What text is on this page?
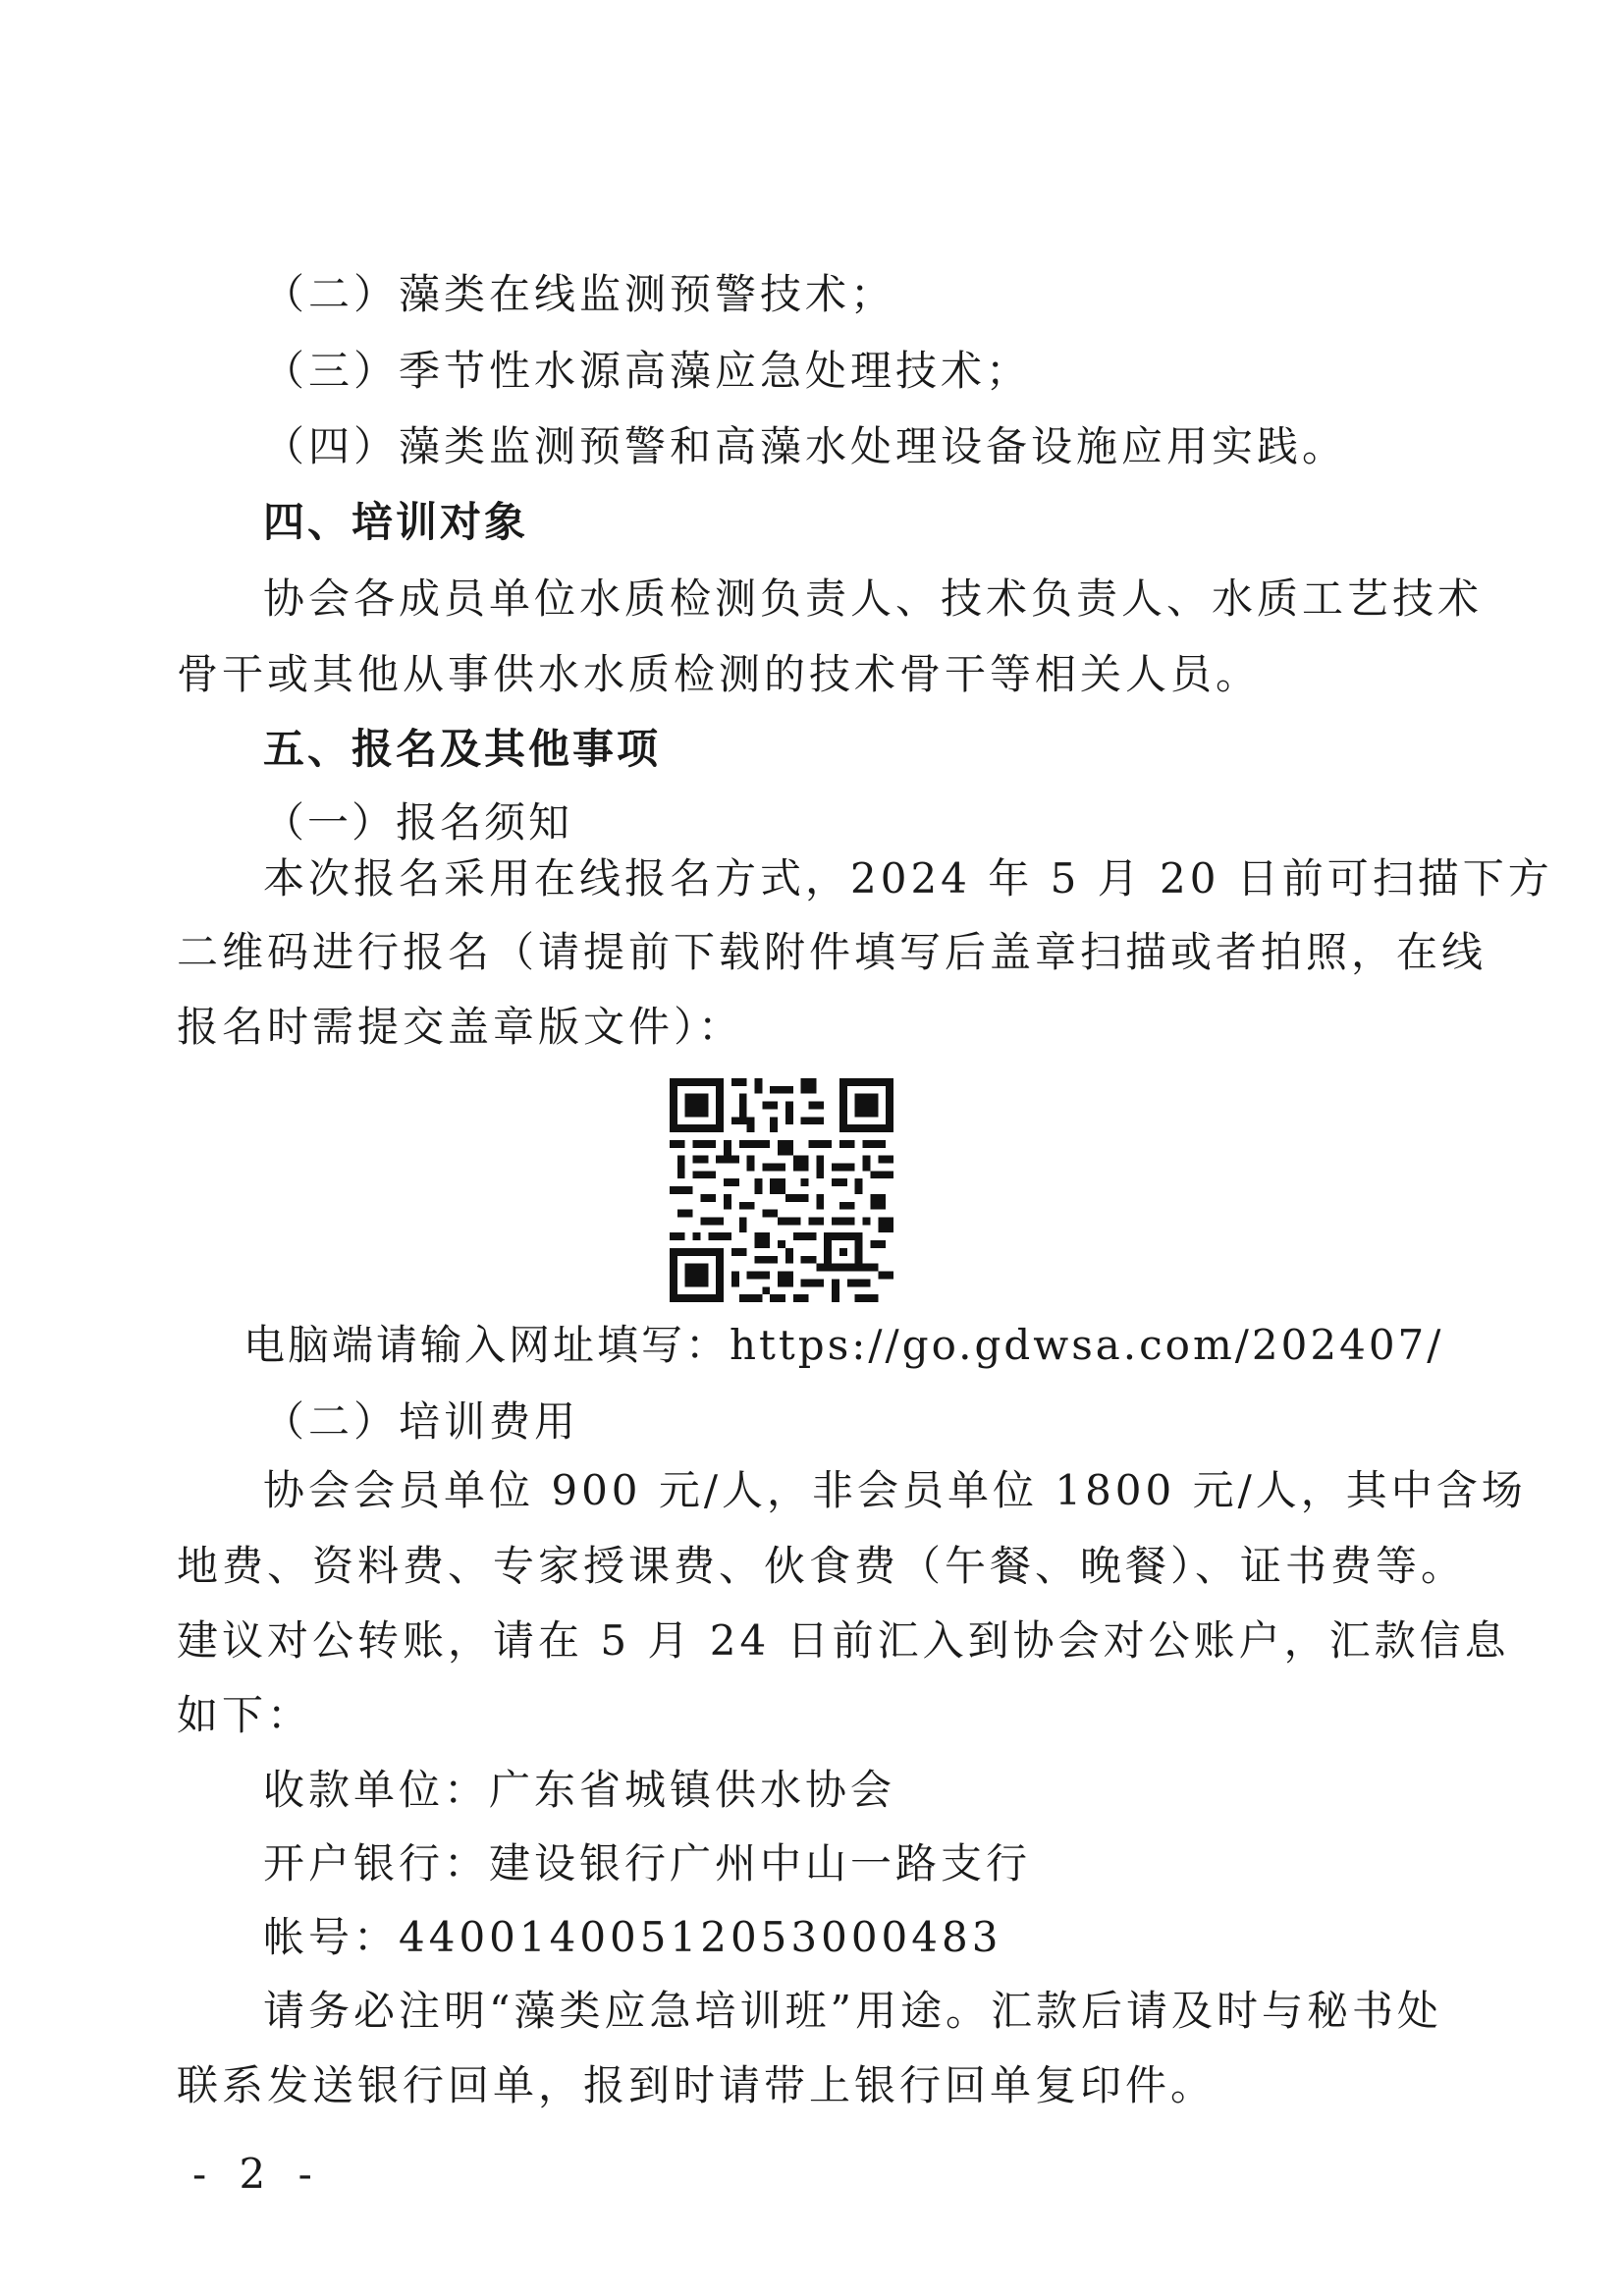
（二）藻类在线监测预警技术；
（三）季节性水源高藻应急处理技术；
（四）藻类监测预警和高藻水处理设备设施应用实践。
四、培训对象
协会各成员单位水质检测负责人、技术负责人、水质工艺技术
骨干或其他从事供水水质检测的技术骨干等相关人员。
五、报名及其他事项
（一）报名须知
本次报名采用在线报名方式，2024 年 5 月 20 日前可扫描下方
二维码进行报名（请提前下载附件填写后盖章扫描或者拍照，在线
报名时需提交盖章版文件）：
电脑端请输入网址填写：https://go.gdwsa.com/202407/
（二）培训费用
协会会员单位 900 元/人，非会员单位 1800 元/人，其中含场
地费、资料费、专家授课费、伙食费（午餐、晚餐）、证书费等。
建议对公转账，请在 5 月 24 日前汇入到协会对公账户，汇款信息
如下：
收款单位：广东省城镇供水协会
开户银行：建设银行广州中山一路支行
帐号：44001400512053000483
请务必注明“藻类应急培训班”用途。汇款后请及时与秘书处
联系发送银行回单，报到时请带上银行回单复印件。
- 2 -
